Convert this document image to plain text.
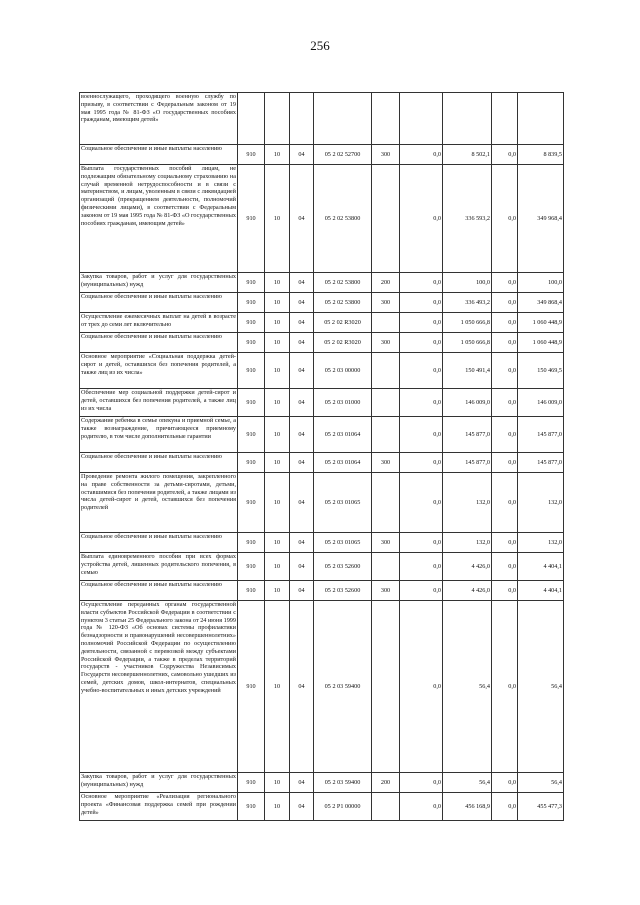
256
военнослужащего, проходящего военную службу по призыву, в соответствии с Федеральным законом от 19 мая 1995 года № 81-ФЗ «О государственных пособиях гражданам, имеющим детей»									
Социальное обеспечение и иные выплаты населению	910	10	04	05 2 02 52700	300	0,0	8 502,1	0,0	8 839,5
Выплата государственных пособий лицам, не подлежащим обязательному социальному страхованию на случай временной нетрудоспособности и в связи с материнством, и лицам, уволенным в связи с ликвидацией организаций (прекращением деятельности, полномочий физическими лицами), в соответствии с Федеральным законом от 19 мая 1995 года № 81-ФЗ «О государственных пособиях гражданам, имеющим детей»	910	10	04	05 2 02 53800		0,0	336 593,2	0,0	349 968,4
Закупка товаров, работ и услуг для государственных (муниципальных) нужд	910	10	04	05 2 02 53800	200	0,0	100,0	0,0	100,0
Социальное обеспечение и иные выплаты населению	910	10	04	05 2 02 53800	300	0,0	336 493,2	0,0	349 868,4
Осуществление ежемесячных выплат на детей в возрасте от трех до семи лет включительно	910	10	04	05 2 02 R3020		0,0	1 050 666,8	0,0	1 060 448,9
Социальное обеспечение и иные выплаты населению	910	10	04	05 2 02 R3020	300	0,0	1 050 666,8	0,0	1 060 448,9
Основное мероприятие «Социальная поддержка детей-сирот и детей, оставшихся без попечения родителей, а также лиц из их числа»	910	10	04	05 2 03 00000		0,0	150 491,4	0,0	150 469,5
Обеспечение мер социальной поддержки детей-сирот и детей, оставшихся без попечения родителей, а также лиц из их числа	910	10	04	05 2 03 01000		0,0	146 009,0	0,0	146 009,0
Содержание ребенка в семье опекуна и приемной семье, а также вознаграждение, причитающееся приемному родителю, в том числе дополнительные гарантии	910	10	04	05 2 03 01064		0,0	145 877,0	0,0	145 877,0
Социальное обеспечение и иные выплаты населению	910	10	04	05 2 03 01064	300	0,0	145 877,0	0,0	145 877,0
Проведение ремонта жилого помещения, закрепленного на праве собственности за детьми-сиротами, детьми, оставшимися без попечения родителей, а также лицами из числа детей-сирот и детей, оставшихся без попечения родителей	910	10	04	05 2 03 01065		0,0	132,0	0,0	132,0
Социальное обеспечение и иные выплаты населению	910	10	04	05 2 03 01065	300	0,0	132,0	0,0	132,0
Выплата единовременного пособия при всех формах устройства детей, лишенных родительского попечения, в семью	910	10	04	05 2 03 52600		0,0	4 426,0	0,0	4 404,1
Социальное обеспечение и иные выплаты населению	910	10	04	05 2 03 52600	300	0,0	4 426,0	0,0	4 404,1
Осуществление переданных органам государственной власти субъектов Российской Федерации в соответствии с пунктом 3 статьи 25 Федерального закона от 24 июня 1999 года № 120-ФЗ «Об основах системы профилактики безнадзорности и правонарушений несовершеннолетних» полномочий Российской Федерации по осуществлению деятельности, связанной с перевозкой между субъектами Российской Федерации, а также в пределах территорий государств - участников Содружества Независимых Государств несовершеннолетних, самовольно ушедших из семей, детских домов, школ-интернатов, специальных учебно-воспитательных и иных детских учреждений	910	10	04	05 2 03 59400		0,0	56,4	0,0	56,4
Закупка товаров, работ и услуг для государственных (муниципальных) нужд	910	10	04	05 2 03 59400	200	0,0	56,4	0,0	56,4
Основное мероприятие «Реализация регионального проекта «Финансовая поддержка семей при рождении детей»	910	10	04	05 2 P1 00000		0,0	456 168,9	0,0	455 477,3
